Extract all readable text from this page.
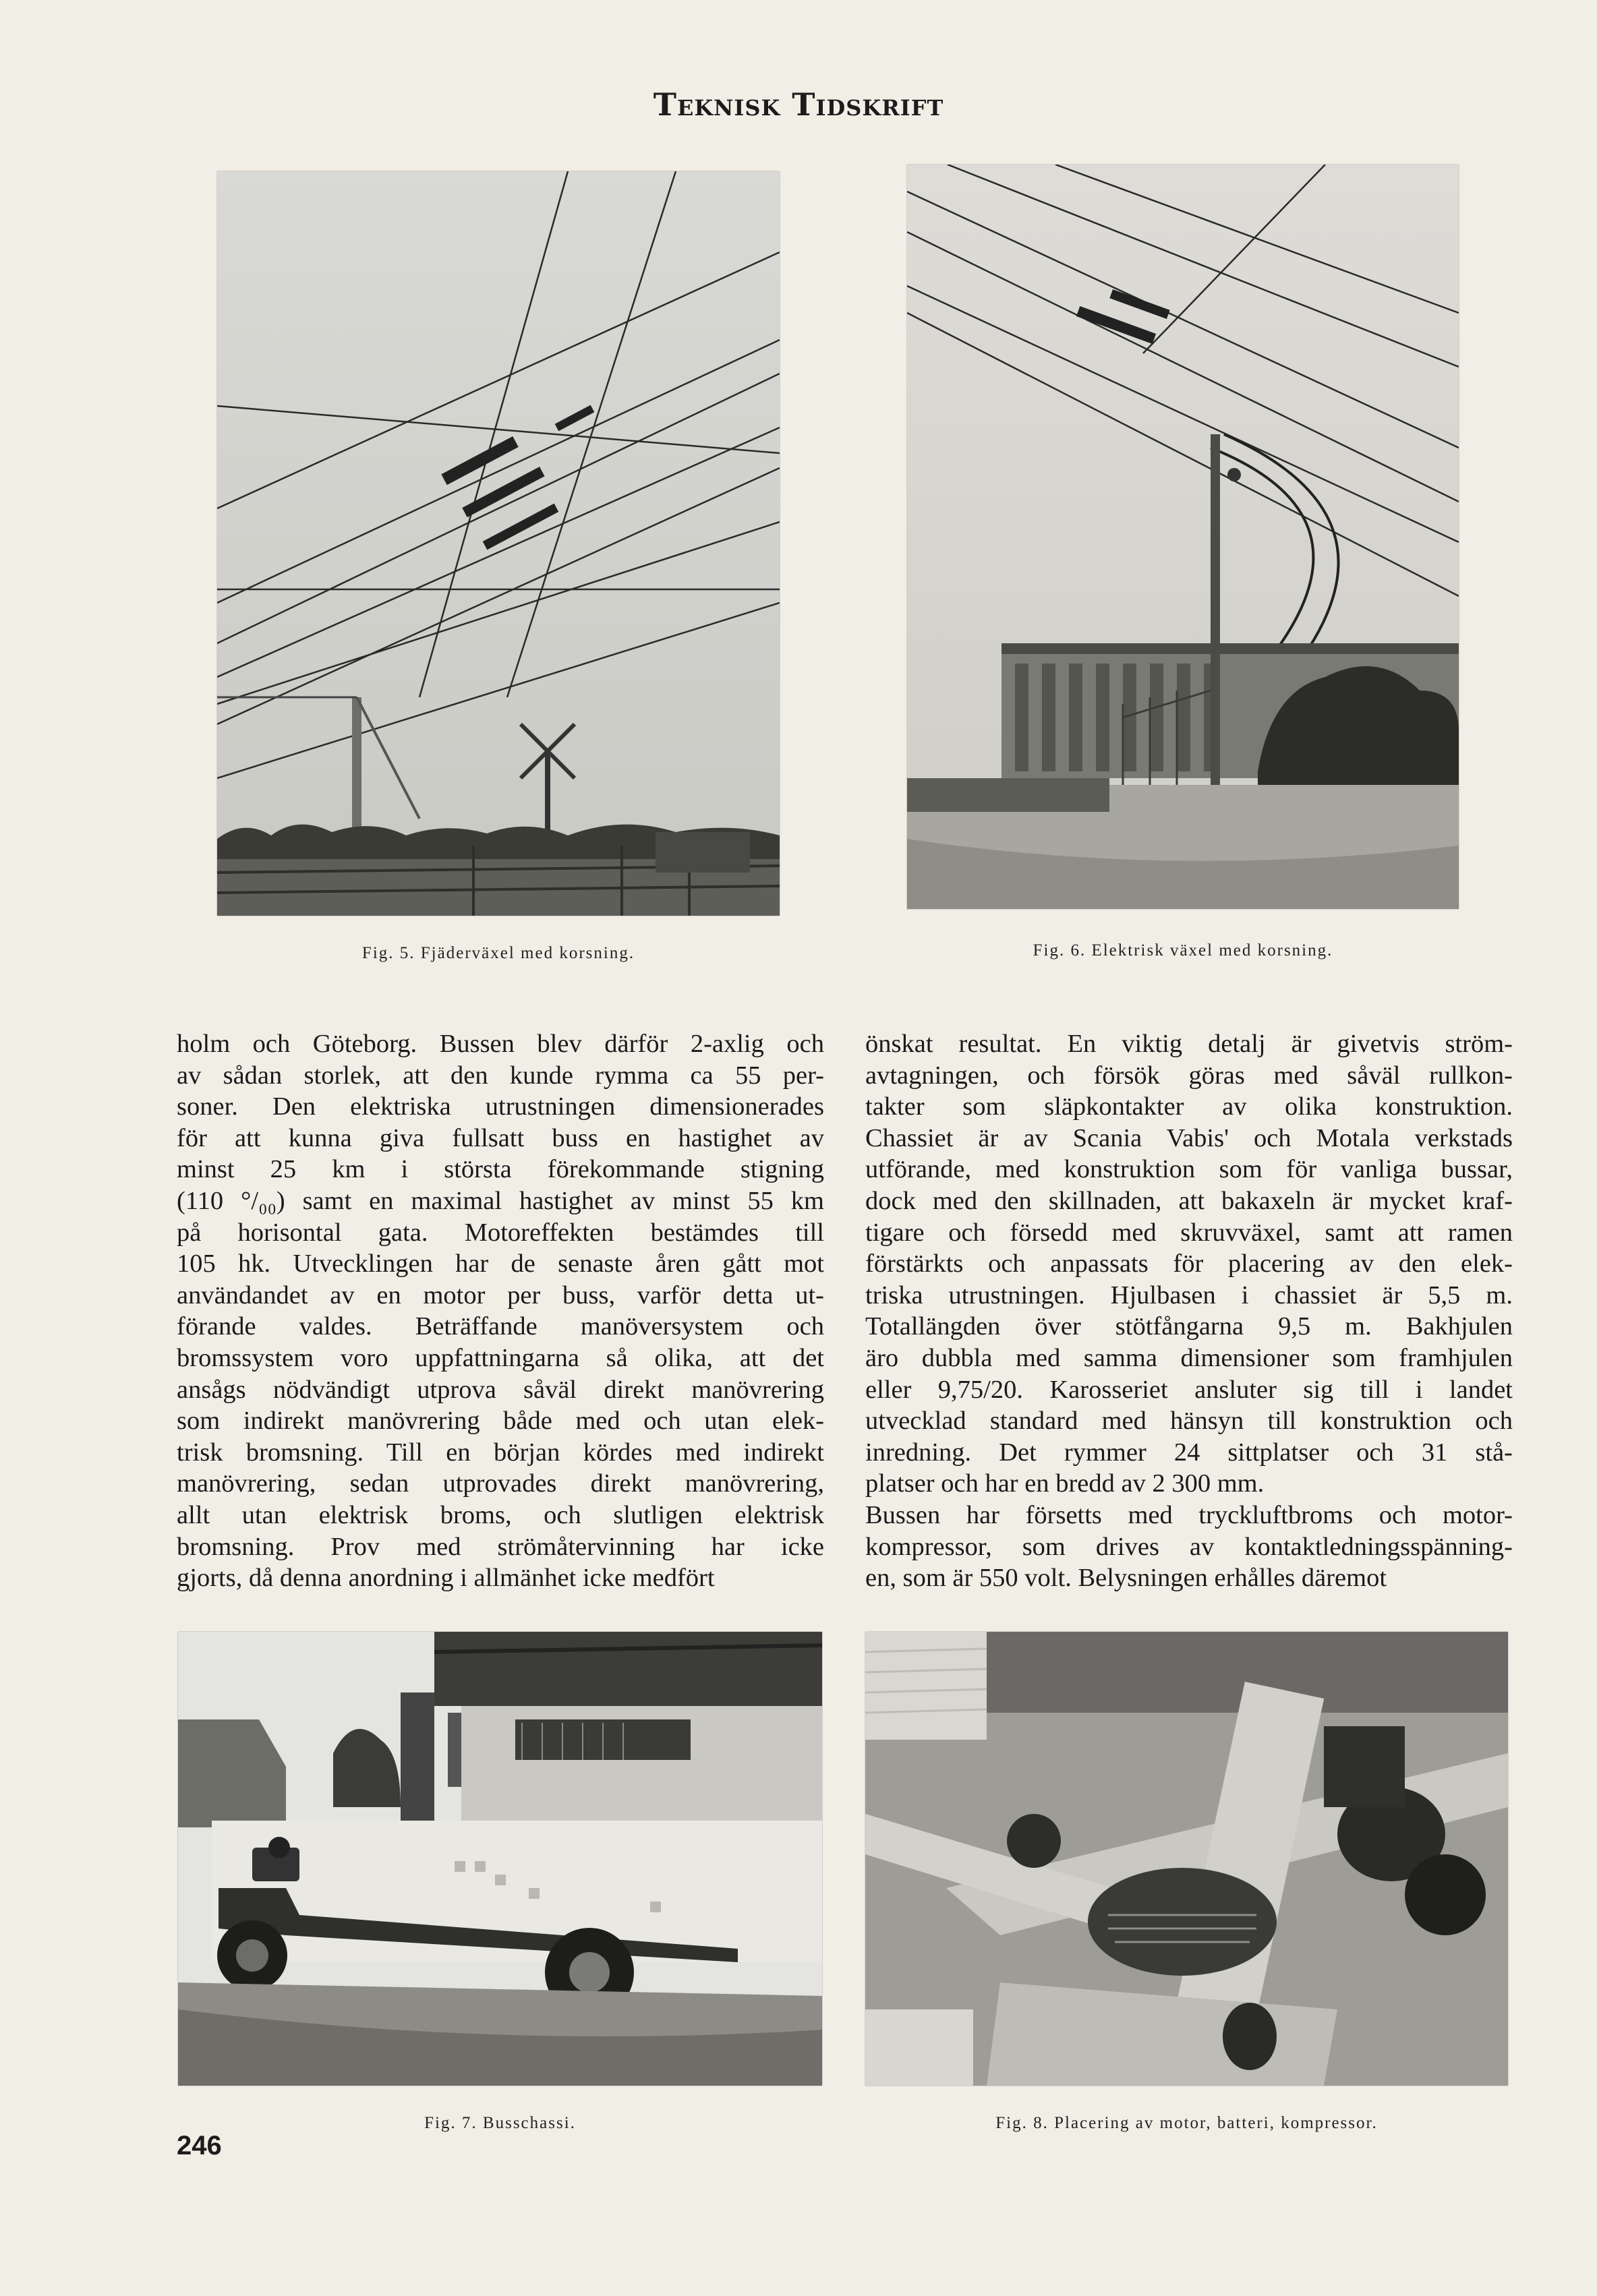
Teknisk Tidskrift
Fig. 5. Fjäderväxel med korsning.	Fig. 6. Elektrisk växel med korsning.
holm och Göteborg. Bussen blev därför 2-axlig och
av sådan storlek, att den kunde rymma ca 55 per-
soner. Den elektriska utrustningen dimensionerades
för att kunna giva fullsatt buss en hastighet av
minst 25 km i största förekommande stigning
(110 °/₀₀) samt en maximal hastighet av minst 55 km
på horisontal gata. Motoreffekten bestämdes till
105 hk. Utvecklingen har de senaste åren gått mot
användandet av en motor per buss, varför detta ut-
förande valdes. Beträffande manöversystem och
bromssystem voro uppfattningarna så olika, att det
ansågs nödvändigt utprova såväl direkt manövrering
som indirekt manövrering både med och utan elek-
trisk bromsning. Till en början kördes med indirekt
manövrering, sedan utprovades direkt manövrering,
allt utan elektrisk broms, och slutligen elektrisk
bromsning. Prov med strömåtervinning har icke
gjorts, då denna anordning i allmänhet icke medfört
önskat resultat. En viktig detalj är givetvis ström-
avtagningen, och försök göras med såväl rullkon-
takter som släpkontakter av olika konstruktion.
Chassiet är av Scania Vabis' och Motala verkstads
utförande, med konstruktion som för vanliga bussar,
dock med den skillnaden, att bakaxeln är mycket kraf-
tigare och försedd med skruvväxel, samt att ramen
förstärkts och anpassats för placering av den elek-
triska utrustningen. Hjulbasen i chassiet är 5,5 m.
Totallängden över stötfångarna 9,5 m. Bakhjulen
äro dubbla med samma dimensioner som framhjulen
eller 9,75/20. Karosseriet ansluter sig till i landet
utvecklad standard med hänsyn till konstruktion och
inredning. Det rymmer 24 sittplatser och 31 stå-
platser och har en bredd av 2 300 mm.
Bussen har försetts med tryckluftbroms och motor-
kompressor, som drives av kontaktledningsspänning-
en, som är 550 volt. Belysningen erhålles däremot
Fig. 7. Busschassi.	Fig. 8. Placering av motor, batteri, kompressor.
246
